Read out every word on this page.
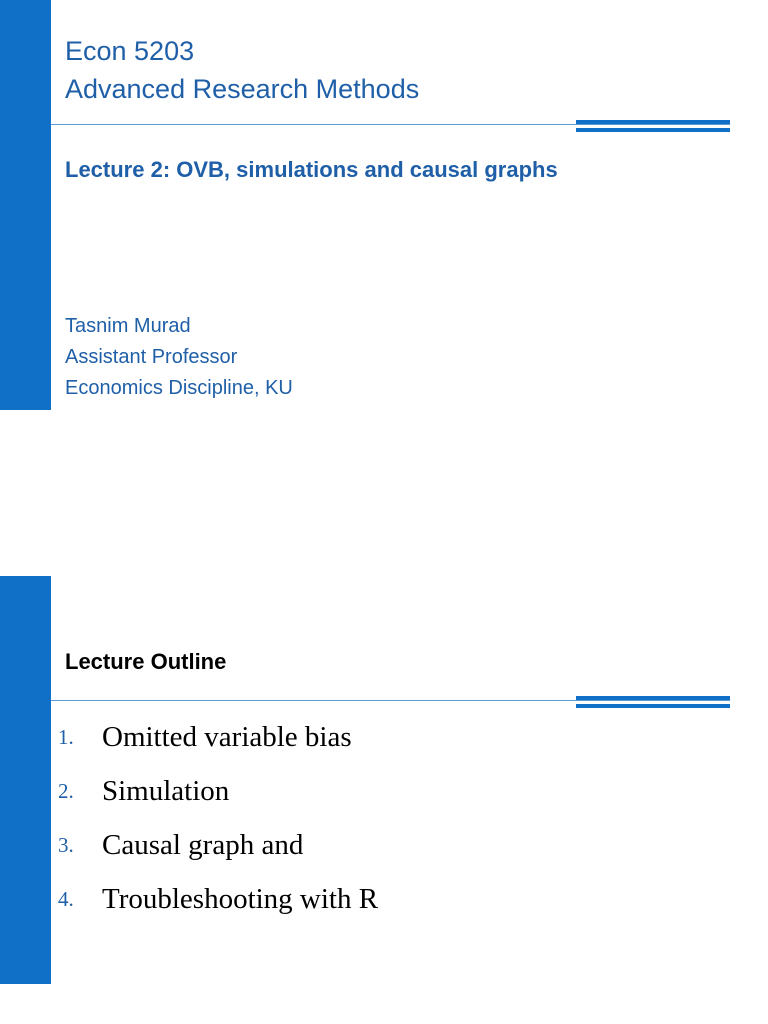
Econ 5203
Advanced Research Methods
Lecture 2: OVB, simulations and causal graphs
Tasnim Murad
Assistant Professor
Economics Discipline, KU
Lecture Outline
1. Omitted variable bias
2. Simulation
3. Causal graph and
4. Troubleshooting with R
